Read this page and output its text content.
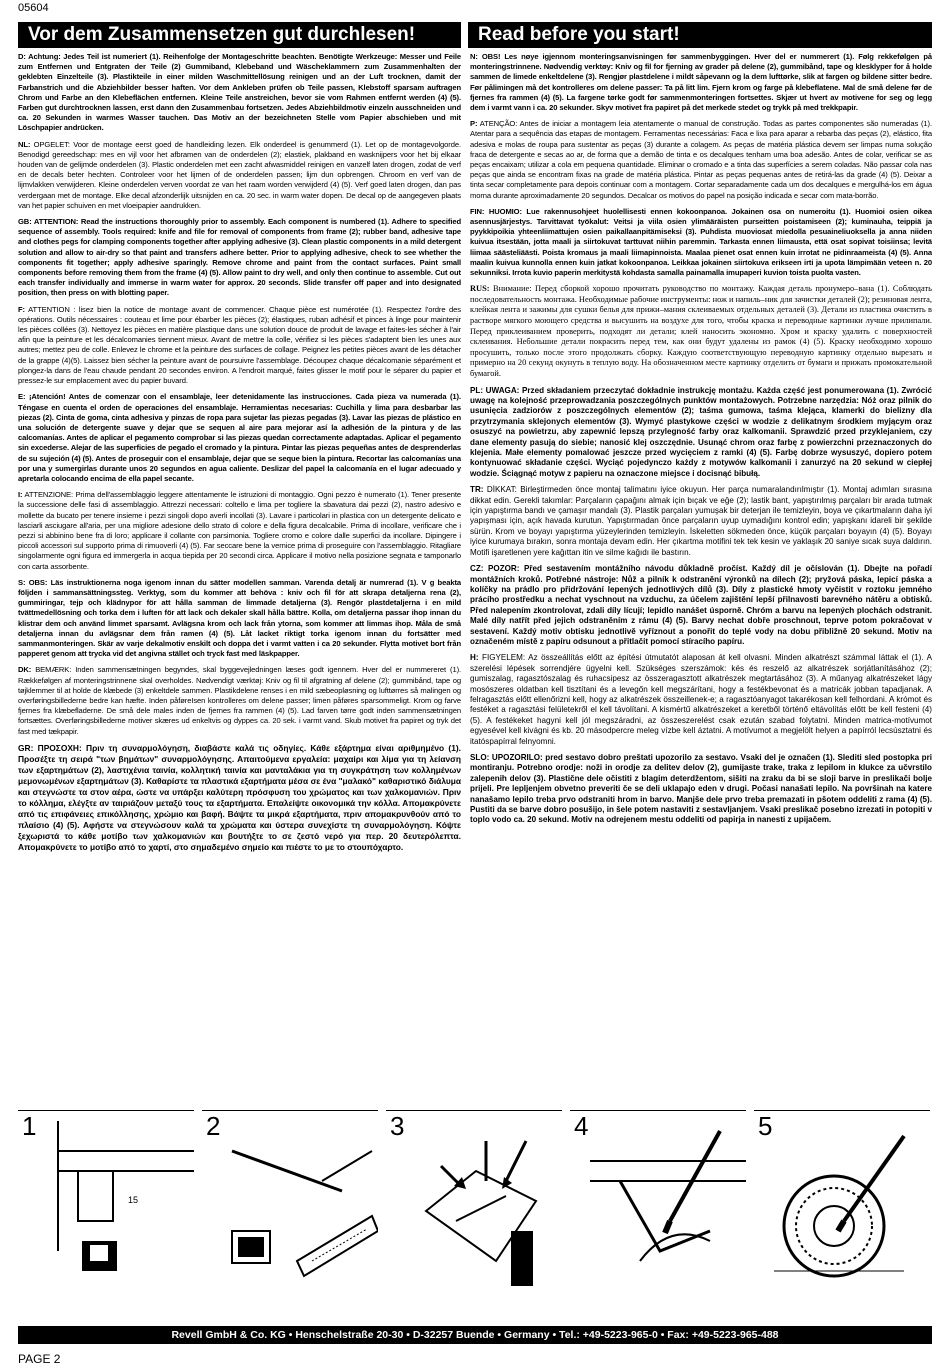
05604
Vor dem Zusammensetzen gut durchlesen!	Read before you start!

D: Achtung: Jedes Teil ist numeriert (1). Reihenfolge der Montageschritte beachten. Benötigte Werkzeuge: Messer und Feile zum Entfernen und Entgraten der Teile (2) Gummiband, Klebeband und Wäscheklammern zum Zusammenhalten der geklebten Einzelteile (3). Plastikteile in einer milden Waschmittellösung reinigen und an der Luft trocknen, damit der Farbanstrich und die Abziehbilder besser haften. Vor dem Ankleben prüfen ob Teile passen, Klebstoff sparsam auftragen Chrom und Farbe an den Klebeflächen entfernen. Kleine Teile anstreichen, bevor sie vom Rahmen entfernt werden (4) (5). Farben gut durchtrocknen lassen, erst dann den Zusammenbau fortsetzen. Jedes Abziehbildmotiv einzeln ausschneiden und ca. 20 Sekunden in warmes Wasser tauchen. Das Motiv an der bezeichneten Stelle vom Papier abschieben und mit Löschpapier andrücken.

NL: OPGELET: Voor de montage eerst goed de handleiding lezen. Elk onderdeel is genummerd (1). Let op de montagevolgorde. Benodigd gereedschap: mes en vijl voor het afbramen van de onderdelen (2); elastiek, plakband en wasknijpers voor het bij elkaar houden van de gelijmde onderdelen (3). Plastic onderdelen met een zacht afwasmiddel reinigen en vanzelf laten drogen, zodat de verf en de decals beter hechten. Controleer voor het lijmen of de onderdelen passen; lijm dun opbrengen. Chroom en verf van de lijmvlakken verwijderen. Kleine onderdelen verven voordat ze van het raam worden verwijderd (4) (5). Verf goed laten drogen, dan pas verdergaan met de montage. Elke decal afzonderlijk uitsnijden en ca. 20 sec. in warm water dopen. De decal op de aangegeven plaats van het papier schuiven en met vloeipapier aandrukken.

GB: ATTENTION: Read the instructions thoroughly prior to assembly. Each component is numbered (1). Adhere to specified sequence of assembly. Tools required: knife and file for removal of components from frame (2); rubber band, adhesive tape and clothes pegs for clamping components together after applying adhesive (3). Clean plastic components in a mild detergent solution and allow to air-dry so that paint and transfers adhere better. Prior to applying adhesive, check to see whether the components fit together; apply adhesive sparingly. Remove chrome and paint from the contact surfaces. Paint small components before removing them from the frame (4) (5). Allow paint to dry well, and only then continue to assemble. Cut out each transfer individually and immerse in warm water for approx. 20 seconds. Slide transfer off paper and into designated position, then press on with blotting paper.

F: ATTENTION : lisez bien la notice de montage avant de commencer. Chaque pièce est numérotée (1). Respectez l'ordre des opérations. Outils nécessaires : couteau et lime pour ébarber les pièces (2); élastiques, ruban adhésif et pinces à linge pour maintenir les pièces collées (3). Nettoyez les pièces en matière plastique dans une solution douce de produit de lavage et faites-les sécher à l'air afin que la peinture et les décalcomanies tiennent mieux. Avant de mettre la colle, vérifiez si les pièces s'adaptent bien les unes aux autres; mettez peu de colle. Enlevez le chrome et la peinture des surfaces de collage. Peignez les petites pièces avant de les détacher de la grappe (4)(5). Laissez bien sécher la peinture avant de poursuivre l'assemblage. Découpez chaque décalcomanie séparément et plongez-la dans de l'eau chaude pendant 20 secondes environ. A l'endroit marqué, faites glisser le motif pour le séparer du papier et pressez-le sur emplacement avec du papier buvard.

E: ¡Atención! Antes de comenzar con el ensamblaje, leer detenidamente las instrucciones. Cada pieza va numerada (1). Téngase en cuenta el orden de operaciones del ensamblaje. Herramientas necesarias: Cuchilla y lima para desbarbar las piezas (2). Cinta de goma, cinta adhesiva y pinzas de ropa para sujetar las piezas pegadas (3). Lavar las piezas de plástico en una solución de detergente suave y dejar que se sequen al aire para mejorar así la adhesión de la pintura y de las calcomanías. Antes de aplicar el pegamento comprobar si las piezas quedan correctamente adaptadas. Aplicar el pegamento sin excederse. Alejar de las superficies de pegado el cromado y la pintura. Pintar las piezas pequeñas antes de desprenderlas de su sujeción (4) (5). Antes de proseguir con el ensamblaje, dejar que se seque bien la pintura. Recortar las calcomanías una por una y sumergirlas durante unos 20 segundos en agua caliente. Deslizar del papel la calcomanía en el lugar adecuado y apretarla colocando encima de ella papel secante.

I: ATTENZIONE: Prima dell'assemblaggio leggere attentamente le istruzioni di montaggio. Ogni pezzo è numerato (1). Tener presente la successione delle fasi di assemblaggio. Attrezzi necessari: coltello e lima per togliere la sbavatura dai pezzi (2), nastro adesivo e mollette da bucato per tenere insieme i pezzi singoli dopo averli incollati (3). Lavare i particolari in plastica con un detergente delicato e lasciarli asciugare all'aria, per una migliore adesione dello strato di colore e della figura decalcabile. Prima di incollare, verificare che i pezzi si abbinino bene fra di loro; applicare il collante con parsimonia. Togliere cromo e colore dalle superfici da incollare. Dipingere i piccoli accessori sul supporto prima di rimuoverli (4) (5). Far seccare bene la vernice prima di proseguire con l'assemblaggio. Ritagliare singolarmente ogni figura ed immergerla in acqua tiepida per 20 secondi circa. Applicare il motivo nella posizione segnata e tamponarlo con carta assorbente.

S: OBS: Läs instruktionerna noga igenom innan du sätter modellen samman. Varenda detalj är numrerad (1). V g beakta följden i sammansättningssteg. Verktyg, som du kommer att behöva : kniv och fil för att skrapa detaljerna rena (2), gummiringar, tejp och klädnypor för att hålla samman de limmade detaljerna (3). Rengör plastdetaljerna i en mild tvättmedellösning och torka dem i luften för att lack och dekaler skall hålla bättre. Kolla, om detaljerna passar ihop innan du klistrar dem och använd limmet sparsamt. Avlägsna krom och lack från ytorna, som kommer att limmas ihop. Måla de små detaljerna innan du avlägsnar dem från ramen (4) (5). Låt lacket riktigt torka igenom innan du fortsätter med sammanmonteringen. Skär av varje dekalmotiv enskilt och doppa det i varmt vatten i ca 20 sekunder. Flytta motivet bort från papperet genom att trycka vid det angivna stället och tryck fast med läskpapper.

DK: BEMÆRK: Inden sammensætningen begyndes, skal byggevejledningen læses godt igennem. Hver del er nummereret (1). Rækkefølgen af monteringstrinnene skal overholdes. Nødvendigt værktøj: Kniv og fil til afgratning af delene (2); gummibånd, tape og tøjklemmer til at holde de klæbede (3) enkeltdele sammen. Plastikdelene renses i en mild sæbeopløsning og lufttørres så malingen og overføringsbillederne bedre kan hæfte. Inden påføreIsen kontrolleres om delene passer; limen påføres sparsommeligt. Krom og farve fjernes fra klæbefladerne. De små dele males inden de fjernes fra rammen (4) (5). Lad farven tørre godt inden sammensætningen fortsættes. Overføringsbillederne motiver skæres ud enkeltvis og dyppes ca. 20 sek. i varmt vand. Skub motivet fra papiret og tryk det fast med tækpapir.

GR: ΠΡΟΣΟΧΗ: Πριν τη συναρμολόγηση, διαβάστε καλά τις οδηγίες. Κάθε εξάρτημα είναι αριθμημένο (1). Προσέξτε τη σειρά "των βημάτων" συναρμολόγησης. Απαιτούμενα εργαλεία: μαχαίρι και λίμα για τη λείανση των εξαρτημάτων (2), λαστιχένια ταινία, κολλητική ταινία και μανταλάκια για τη συγκράτηση των κολλημένων μεμονωμένων εξαρτημάτων (3). Καθαρίστε τα πλαστικά εξαρτήματα μέσα σε ένα "μαλακό" καθαριστικό διάλυμα και στεγνώστε τα στον αέρα, ώστε να υπάρξει καλύτερη πρόσφυση του χρώματος και των χαλκομανιών. Πριν το κόλλημα, ελέγξτε αν ταιριάζουν μεταξύ τους τα εξαρτήματα. Επαλείψτε οικονομικά την κόλλα. Απομακρύνετε από τις επιφάνειες επικόλλησης, χρώμιο και βαφή. Βάψτε τα μικρά εξαρτήματα, πριν απομακρυνθούν από το πλαίσιο (4) (5). Αφήστε να στεγνώσουν καλά τα χρώματα και ύστερα συνεχίστε τη συναρμολόγηση. Κόψτε ξεχωριστά το κάθε μοτίβο των χαλκομανιών και βουτήξτε το σε ζεστό νερό για περ. 20 δευτερόλεπτα. Απομακρύνετε το μοτίβο από το χαρτί, στο σημαδεμένο σημείο και πιέστε το με το στουπόχαρτο.

N: OBS! Les nøye igjennom monteringsanvisningen før sammenbyggingen. Hver del er nummerert (1). Følg rekkefølgen på monteringstrinnene. Nødvendig verktøy: Kniv og fil for fjerning av grader på delene (2), gummibånd, tape og klesklyper for å holde sammen de limede enkeltdelene (3). Rengjør plastdelene i mildt såpevann og la dem lufttørke, slik at fargen og bildene sitter bedre. Før pålimingen må det kontrolleres om delene passer: Ta på litt lim. Fjern krom og farge på klebeflatene. Mal de små delene før de fjernes fra rammen (4) (5). La fargene tørke godt før sammenmonteringen fortsettes. Skjær ut hvert av motivene for seg og legg dem i varmt vann i ca. 20 sekunder. Skyv motivet fra papiret på det merkede stedet og trykk på med trekkpapir.

P: ATENÇÃO: Antes de iniciar a montagem leia atentamente o manual de construção. Todas as partes componentes são numeradas (1). Atentar para a sequência das etapas de montagem. Ferramentas necessárias: Faca e lixa para aparar a rebarba das peças (2), elástico, fita adesiva e molas de roupa para sustentar as peças (3) durante a colagem. As peças de matéria plástica devem ser limpas numa solução fraca de detergente e secas ao ar, de forma que a demão de tinta e os decalques tenham uma boa adesão. Antes de colar, verificar se as peças encaixam; utilizar a cola em pequena quantidade. Eliminar o cromado e a tinta das superfícies a serem coladas. Não passar cola nas peças que ainda se encontram fixas na grade de matéria plástica. Pintar as peças pequenas antes de retirá-las da grade (4) (5). Deixar a tinta secar completamente para depois continuar com a montagem. Cortar separadamente cada um dos decalques e mergulhá-los em água morna durante aproximadamente 20 segundos. Decalcar os motivos do papel na posição indicada e secar com mata-borrão.

FIN: HUOMIO: Lue rakennusohjeet huolellisesti ennen kokoonpanoa. Jokainen osa on numeroitu (1). Huomioi osien oikea asennusjärjestys. Tarvittavat työkalut: Veitsi ja viila osien ylimääräisten purseitten poistamiseen (2); kuminauha, teippiä ja pyykkipoikia yhteenliimattujen osien paikallaanpitämiseksi (3). Puhdista muoviosat miedolla pesuaineliuoksella ja anna niiden kuivua itsestään, jotta maali ja siirtokuvat tarttuvat niihin paremmin. Tarkasta ennen liimausta, että osat sopivat toisiinsa; levitä liimaa säästeliäästi. Poista kromaus ja maali liimapinnoista. Maalaa pienet osat ennen kuin irrotat ne pidinraameista (4) (5). Anna maalin kuivua kunnolla ennen kuin jatkat kokoonpanoa. Leikkaa jokainen siirtokuva erikseen irti ja upota lämpimään veteen n. 20 sekunniksi. Irrota kuvio paperin merkitystä kohdasta samalla painamalla imupaperi kuvion toista puolta vasten.

RUS: Внимание: Перед сборкой хорошо прочитать руководство по монтажу. Каждая деталь пронумеро–вана (1). Соблюдать последовательность монтажа. Необходимые рабочие инструменты: нож и напиль–ник для зачистки деталей (2); резиновая лента, клейкая лента и зажимы для сушки белья для прижи–мания склеиваемых отдельных деталей (3). Детали из пластика очистить в растворе мягкого моющего средства и высушить на воздухе для того, чтобы краска и переводные картинки лучше прилипали. Перед приклеиванием проверить, подходят ли детали; клей наносить экономно. Хром и краску удалить с поверхностей склеивания. Небольшие детали покрасить перед тем, как они будут удалены из рамок (4) (5). Краску необходимо хорошо просушить, только после этого продолжать сборку. Каждую соответствующую переводную картинку отдельно вырезать и примерно на 20 секунд окунуть в теплую воду. На обозначенном месте картинку отделить от бумаги и прижать промокательной бумагой.

PL: UWAGA: Przed składaniem przeczytać dokładnie instrukcję montażu. Każda część jest ponumerowana (1). Zwrócić uwagę na kolejność przeprowadzania poszczególnych punktów montażowych. Potrzebne narzędzia: Nóż oraz pilnik do usunięcia zadziorów z poszczególnych elementów (2); taśma gumowa, taśma klejąca, klamerki do bielizny dla przytrzymania sklejonych elementów (3). Wymyć plastykowe części w wodzie z delikatnym środkiem myjącym oraz osuszyć na powietrzu, aby zapewnić lepszą przylegność farby oraz kalkomanii. Sprawdzić przed przyklejaniem, czy dane elementy pasują do siebie; nanosić klej oszczędnie. Usunąć chrom oraz farbę z powierzchni przeznaczonych do klejenia. Małe elementy pomalować jeszcze przed wycięciem z ramki (4) (5). Farbę dobrze wysuszyć, dopiero potem kontynuować składanie części. Wyciąć pojedynczo każdy z motywów kalkomanii i zanurzyć na 20 sekund w ciepłej wodzie. Ściągnąć motyw z papieru na oznaczone miejsce i docisnąć bibułą.

TR: DİKKAT: Birleştirmeden önce montaj talimatını iyice okuyun. Her parça numaralandırılmıştır (1). Montaj adımları sırasına dikkat edin. Gerekli takımlar: Parçaların çapağını almak için bıçak ve eğe (2); lastik bant, yapıştırılmış parçaları bir arada tutmak için yapıştırma bandı ve çamaşır mandalı (3). Plastik parçaları yumuşak bir deterjan ile temizleyin, boya ve çıkartmaların daha iyi yapışması için, açık havada kurutun. Yapıştırmadan önce parçaların uyup uymadığını kontrol edin; yapışkanı idareli bir şekilde sürün. Krom ve boyayı yapıştırma yüzeylerinden temizleyin. İskeletten sökmeden önce, küçük parçaları boyayın (4) (5). Boyayı iyice kurumaya bırakın, sonra montaja devam edin. Her çıkartma motifini tek tek kesin ve yaklaşık 20 saniye sıcak suya daldırın. Motifi işaretlenen yere kağıttan itin ve silme kağıdı ile bastırın.

CZ: POZOR: Před sestavením montážního návodu důkladně pročíst. Každý díl je očíslován (1). Dbejte na pořadí montážních kroků. Potřebné nástroje: Nůž a pilník k odstranění výronků na dílech (2); pryžová páska, lepicí páska a kolíčky na prádlo pro přidržování lepených jednotlivých dílů (3). Díly z plastické hmoty vyčistit v roztoku jemného prácího prostředku a nechat vyschnout na vzduchu, za účelem zajištění lepší přilnavosti barevného nátěru a obtisků. Před nalepením zkontrolovat, zdali díly lícují; lepidlo nanášet úsporně. Chróm a barvu na lepených plochách odstranit. Malé díly natřít před jejich odstraněním z rámu (4) (5). Barvy nechat dobře proschnout, teprve potom pokračovat v sestavení. Každý motiv obtisku jednotlivě vyříznout a ponořit do teplé vody na dobu přibližně 20 sekund. Motiv na označeném místě z papíru odsunout a přitlačit pomocí stíracího papíru.

H: FIGYELEM: Az összeállítás előtt az építési útmutatót alaposan át kell olvasni. Minden alkatrészt számmal láttak el (1). A szerelési lépések sorrendjére ügyelni kell. Szükséges szerszámok: kés és reszelő az alkatrészek sorjátlanításához (2); gumiszalag, ragasztószalag és ruhacsipesz az összeragasztott alkatrészek megtartásához (3). A műanyag alkatrészeket lágy mosószeres oldatban kell tisztítani és a levegőn kell megszárítani, hogy a festékbevonat és a matricák jobban tapadjanak. A felragasztás előtt ellenőrizni kell, hogy az alkatrészek összeillenek-e; a ragasztóanyagot takarékosan kell felhordani. A krómot és festéket a ragasztási felületekről el kell távolítani. A kismértű alkatrészeket a keretből történő eltávolítás előtt be kell festeni (4) (5). A festékeket hagyni kell jól megszáradni, az összeszerelést csak ezután szabad folytatni. Minden matrica-motívumot egyesével kell kivágni és kb. 20 másodpercre meleg vízbe kell áztatni. A motívumot a megjelölt helyen a papírról lecsúsztatni és itatóspapírral felnyomni.

SLO: UPOZORILO: pred sestavo dobro preštati upozorilo za sestavo. Vsaki del je označen (1). Slediti sled postopka pri montiranju. Potrebno orodje: noži in orodje za delitev delov (2), gumijaste trake, traka z lepilom in klukce za učvrstilo zalepenih delov (3). Plastične dele očistiti z blagim deterdžentom, sišiti na zraku da bi se sloji barve in preslikači bolje prijeli. Pre lepljenjem obvetno preveriti če se deli uklapajo eden v drugi. Počasi nanašati lepilo. Na površinah na katere nanašamo lepilo treba prvo odstraniti hrom in barvo. Manjše dele prvo treba premazati in pšotem oddeliti z rama (4) (5). Pustiti da se barve dobro posušijo, in šele potem nastaviti z sestavljanjem. Vsaki preslikač posebno izrezati in potopiti v toplo vodo ca. 20 sekund. Motiv na odrejenem mestu oddeliti od papirja in nanesti z upijačem.

1
15
2	3	4	5
Revell GmbH & Co. KG • Henschelstraße 20-30 • D-32257 Buende • Germany • Tel.: +49-5223-965-0 • Fax: +49-5223-965-488
PAGE 2
